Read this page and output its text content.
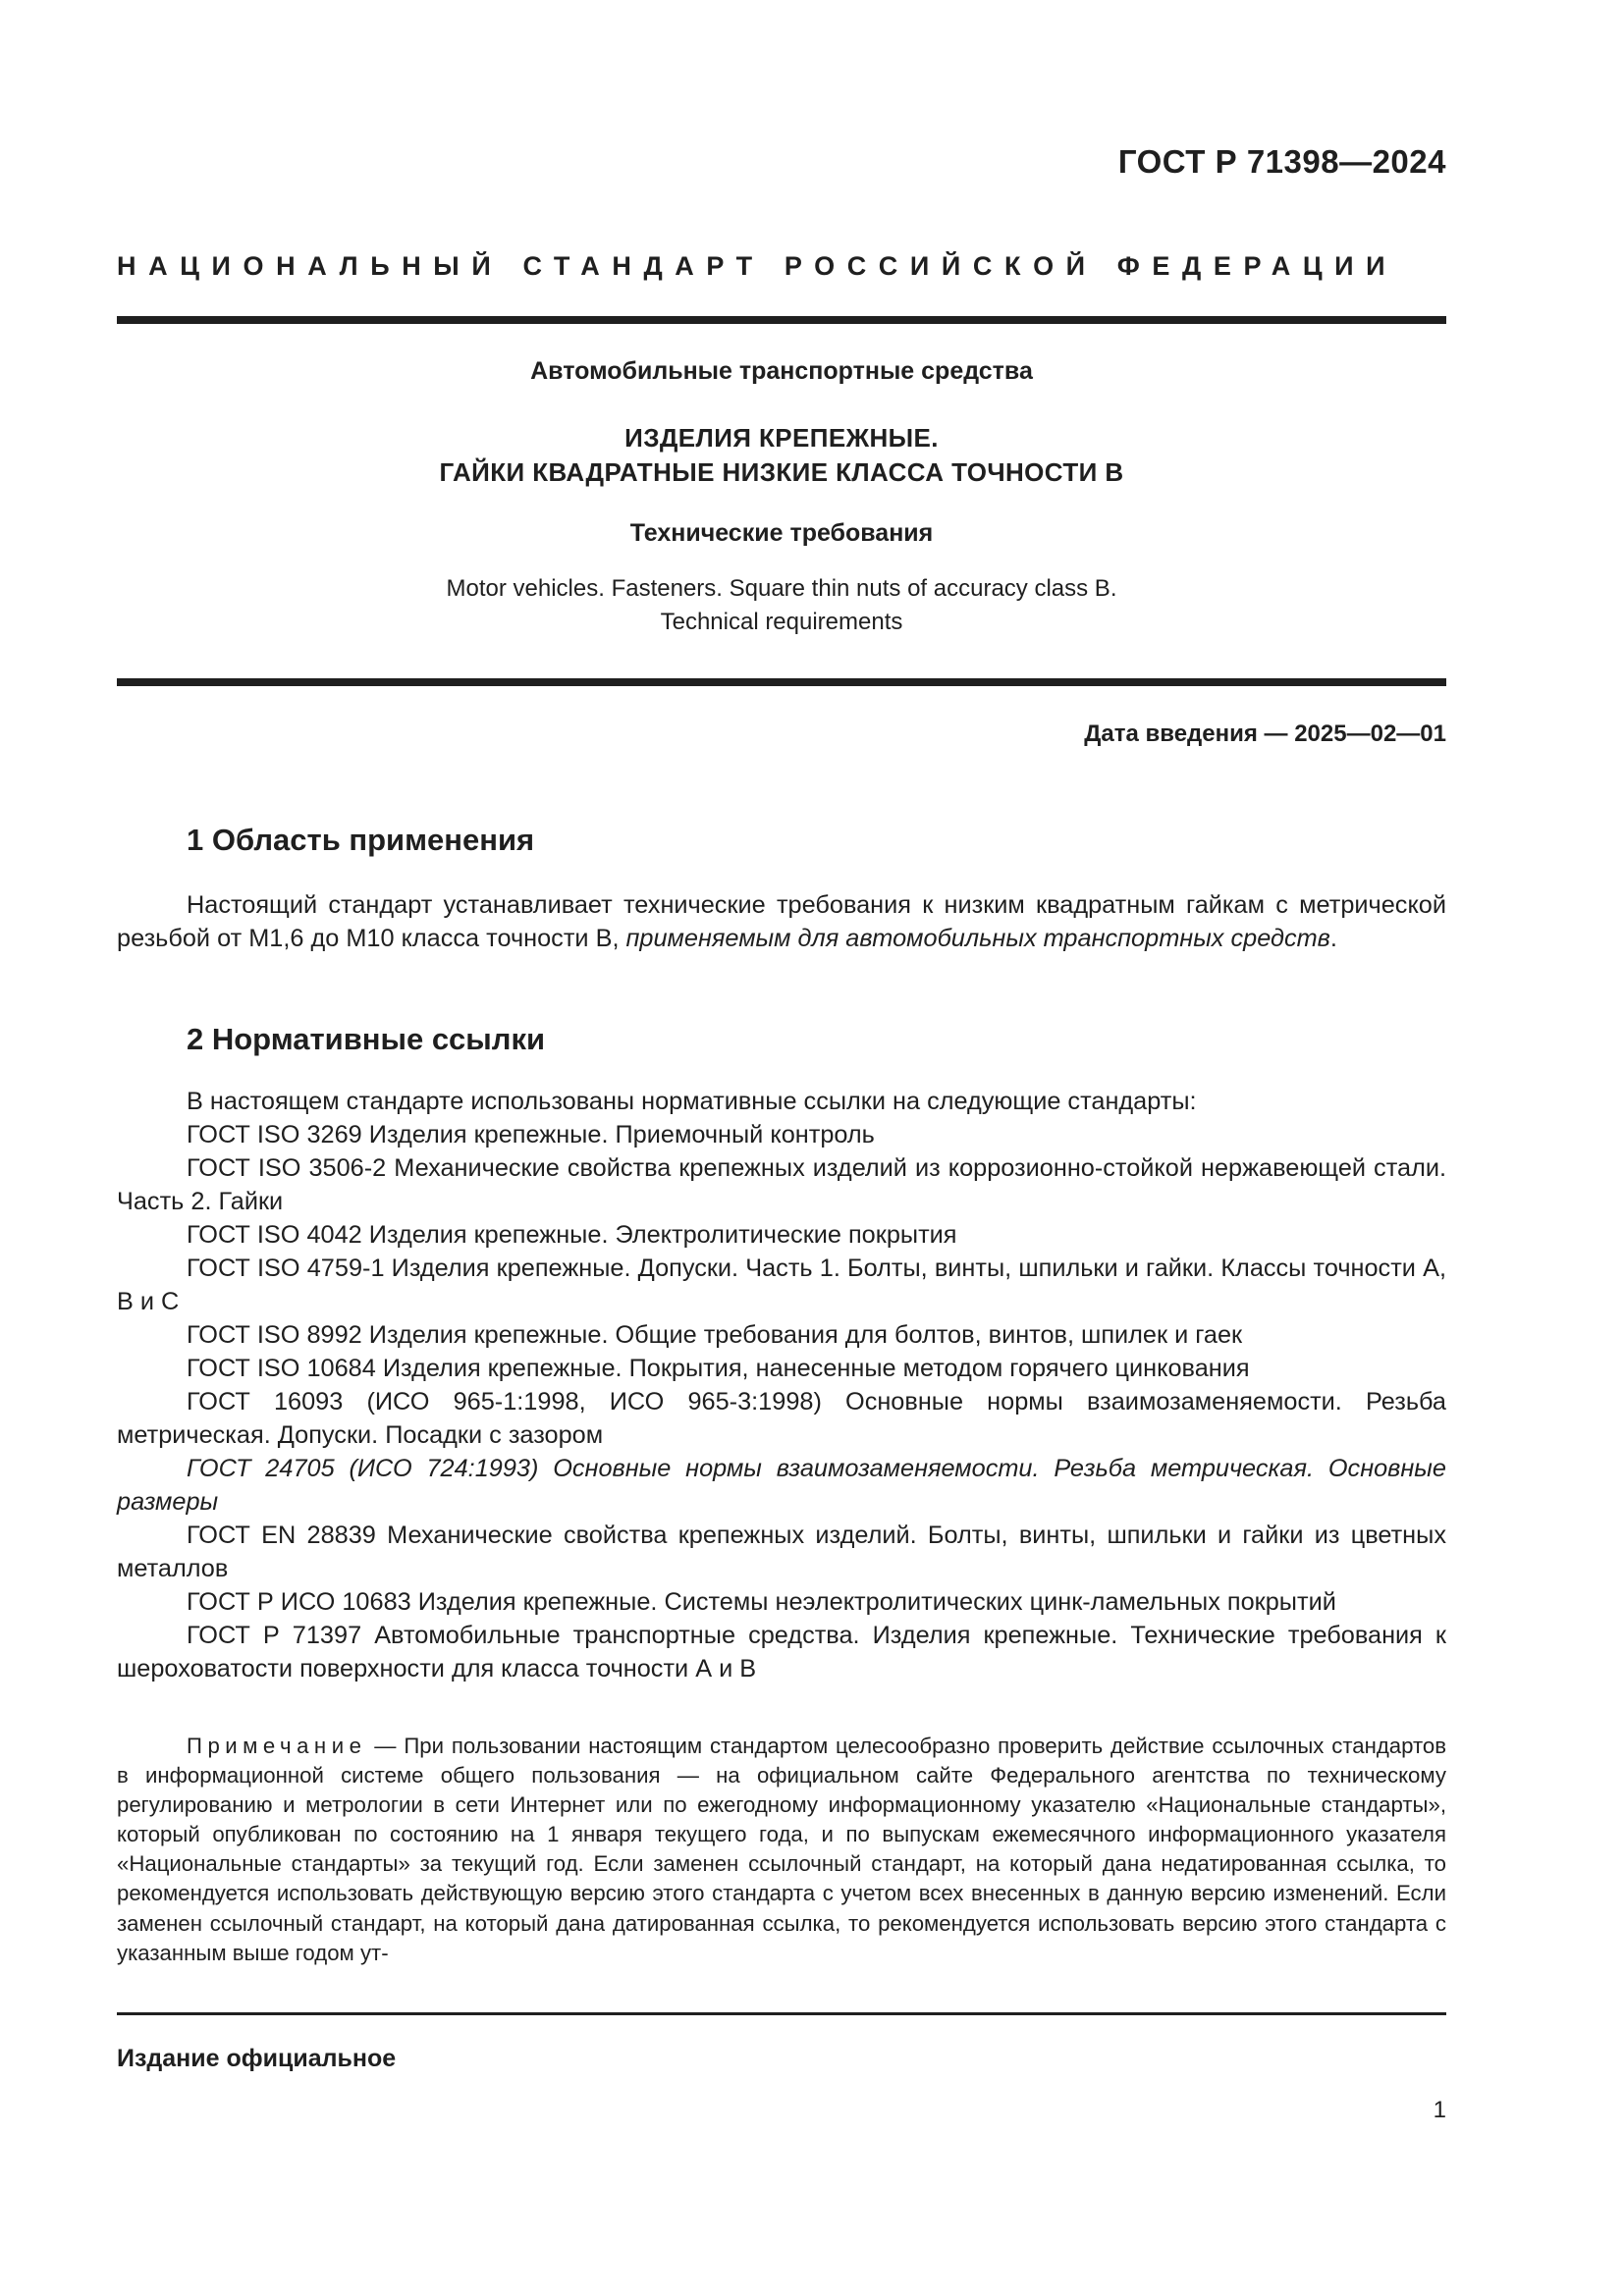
ГОСТ Р 71398—2024
НАЦИОНАЛЬНЫЙ СТАНДАРТ РОССИЙСКОЙ ФЕДЕРАЦИИ
Автомобильные транспортные средства
ИЗДЕЛИЯ КРЕПЕЖНЫЕ.
ГАЙКИ КВАДРАТНЫЕ НИЗКИЕ КЛАССА ТОЧНОСТИ В
Технические требования
Motor vehicles. Fasteners. Square thin nuts of accuracy class B.
Technical requirements
Дата введения — 2025—02—01
1 Область применения
Настоящий стандарт устанавливает технические требования к низким квадратным гайкам с метрической резьбой от М1,6 до М10 класса точности В, применяемым для автомобильных транспортных средств.
2 Нормативные ссылки

В настоящем стандарте использованы нормативные ссылки на следующие стандарты:

ГОСТ ISO 3269 Изделия крепежные. Приемочный контроль

ГОСТ ISO 3506-2 Механические свойства крепежных изделий из коррозионно-стойкой нержавеющей стали. Часть 2. Гайки

ГОСТ ISO 4042 Изделия крепежные. Электролитические покрытия

ГОСТ ISO 4759-1 Изделия крепежные. Допуски. Часть 1. Болты, винты, шпильки и гайки. Классы точности А, В и С

ГОСТ ISO 8992 Изделия крепежные. Общие требования для болтов, винтов, шпилек и гаек

ГОСТ ISO 10684 Изделия крепежные. Покрытия, нанесенные методом горячего цинкования

ГОСТ 16093 (ИСО 965-1:1998, ИСО 965-3:1998) Основные нормы взаимозаменяемости. Резьба метрическая. Допуски. Посадки с зазором

ГОСТ 24705 (ИСО 724:1993) Основные нормы взаимозаменяемости. Резьба метрическая. Основные размеры

ГОСТ EN 28839 Механические свойства крепежных изделий. Болты, винты, шпильки и гайки из цветных металлов

ГОСТ Р ИСО 10683 Изделия крепежные. Системы неэлектролитических цинк-ламельных покрытий

ГОСТ Р 71397 Автомобильные транспортные средства. Изделия крепежные. Технические требования к шероховатости поверхности для класса точности А и В

Примечание — При пользовании настоящим стандартом целесообразно проверить действие ссылочных стандартов в информационной системе общего пользования — на официальном сайте Федерального агентства по техническому регулированию и метрологии в сети Интернет или по ежегодному информационному указателю «Национальные стандарты», который опубликован по состоянию на 1 января текущего года, и по выпускам ежемесячного информационного указателя «Национальные стандарты» за текущий год. Если заменен ссылочный стандарт, на который дана недатированная ссылка, то рекомендуется использовать действующую версию этого стандарта с учетом всех внесенных в данную версию изменений. Если заменен ссылочный стандарт, на который дана датированная ссылка, то рекомендуется использовать версию этого стандарта с указанным выше годом ут-
Издание официальное
1
